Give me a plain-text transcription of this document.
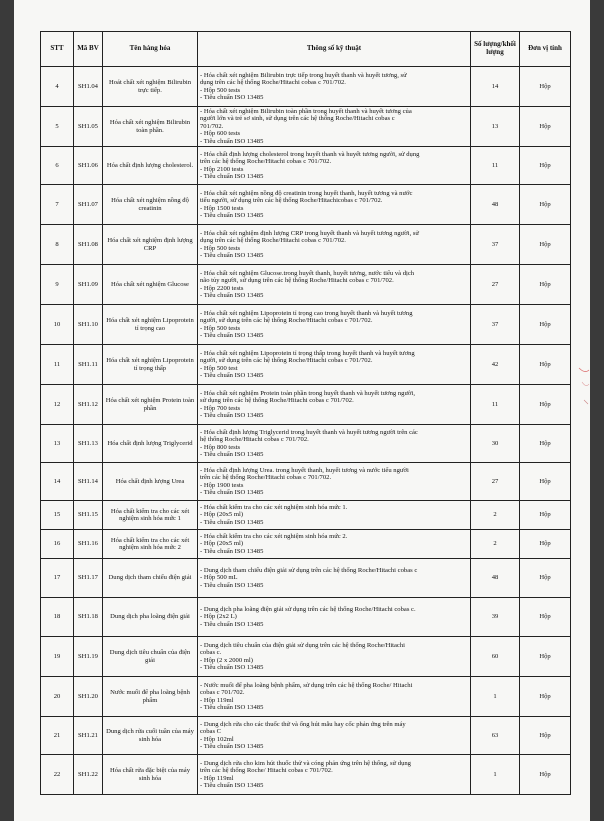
STT	Mã BV	Tên hàng hóa	Thông số kỹ thuật	Số lượng/khối lượng	Đơn vị tính
4	SH1.04	Hoát chất xét nghiệm Bilirubin trực tiếp.	- Hóa chất xét nghiệm Bilirubin trực tiếp trong huyết thanh và huyết tương, sử
dụng trên các hệ thống Roche/Hitachi cobas c 701/702.
- Hộp 500 tests
- Tiêu chuẩn ISO 13485	14	Hộp
5	SH1.05	Hóa chất xét nghiệm Bilirubin toàn phần.	- Hóa chất xét nghiệm Bilirubin toàn phần trong huyết thanh và huyết tương của
người lớn và trẻ sơ sinh, sử dụng trên các hệ thống Roche/Hitachi cobas c
701/702.
- Hộp 600 tests
- Tiêu chuẩn ISO 13485	13	Hộp
6	SH1.06	Hóa chất định lượng cholesterol.	- Hóa chất định lượng cholesterol trong huyết thanh và huyết tương người, sử dụng
trên các hệ thống Roche/Hitachi cobas c 701/702.
- Hộp 2100 tests
- Tiêu chuẩn ISO 13485	11	Hộp
7	SH1.07	Hóa chất xét nghiệm nồng độ creatinin	- Hóa chất xét nghiệm nồng độ creatinin trong huyết thanh, huyết tương và nước
tiểu người, sử dụng trên các hệ thống Roche/Hitachicobas c 701/702.
- Hộp 1500 tests
- Tiêu chuẩn ISO 13485	48	Hộp
8	SH1.08	Hóa chất xét nghiệm định lượng CRP	- Hóa chất xét nghiệm định lượng CRP trong huyết thanh và huyết tương người, sử
dụng trên các hệ thống Roche/Hitachi cobas c 701/702.
- Hộp 500 tests
- Tiêu chuẩn ISO 13485	37	Hộp
9	SH1.09	Hóa chất xét nghiệm Glucose	- Hóa chất xét nghiệm Glucose.trong huyết thanh, huyết tương, nước tiểu và dịch
não tủy người, sử dụng trên các hệ thống Roche/Hitachi cobas c 701/702.
- Hộp 2200 tests
- Tiêu chuẩn ISO 13485	27	Hộp
10	SH1.10	Hóa chất xét nghiệm Lipoprotein tỉ trọng cao	- Hóa chất xét nghiệm Lipoprotein tỉ trọng cao trong huyết thanh và huyết tương
người, sử dụng trên các hệ thống Roche/Hitachi cobas c 701/702.
- Hộp 500 tests
- Tiêu chuẩn ISO 13485	37	Hộp
11	SH1.11	Hóa chất xét nghiệm Lipoprotein tỉ trọng thấp	- Hóa chất xét nghiệm Lipoprotein tỉ trọng thấp trong huyết thanh và huyết tương
người, sử dụng trên các hệ thống Roche/Hitachi cobas c 701/702.
- Hộp 500 test
- Tiêu chuẩn ISO 13485	42	Hộp
12	SH1.12	Hóa chất xét nghiệm Protein toàn phần	- Hóa chất xét nghiệm Protein toàn phần trong huyết thanh và huyết tương người,
sử dụng trên các hệ thống Roche/Hitachi cobas c 701/702.
- Hộp 700 tests
- Tiêu chuẩn ISO 13485	11	Hộp
13	SH1.13	Hóa chất định lượng Triglycerid	- Hóa chất định lượng Triglycerid trong huyết thanh và huyết tương người trên các
hệ thống Roche/Hitachi cobas c 701/702.
- Hộp 800 tests
- Tiêu chuẩn ISO 13485	30	Hộp
14	SH1.14	Hóa chất định lượng Urea	- Hóa chất định lượng Urea. trong huyết thanh, huyết tương và nước tiểu người
trên các hệ thống Roche/Hitachi cobas c 701/702.
- Hộp 1900 tests
- Tiêu chuẩn ISO 13485	27	Hộp
15	SH1.15	Hóa chất kiểm tra cho các xét nghiệm sinh hóa mức 1	- Hóa chất kiểm tra cho các xét nghiệm sinh hóa mức 1.
- Hộp (20x5 ml)
- Tiêu chuẩn ISO 13485	2	Hộp
16	SH1.16	Hóa chất kiểm tra cho các xét nghiệm sinh hóa mức 2	- Hóa chất kiểm tra cho các xét nghiệm sinh hóa mức 2.
- Hộp (20x5 ml)
- Tiêu chuẩn ISO 13485	2	Hộp
17	SH1.17	Dung dịch tham chiếu điện giải	- Dung dịch tham chiếu điện giải sử dụng trên các hệ thống Roche/Hitachi cobas c
- Hộp 500 mL
- Tiêu chuẩn ISO 13485	48	Hộp
18	SH1.18	Dung dịch pha loãng điện giải	- Dung dịch pha loãng điện giải sử dụng trên các hệ thống Roche/Hitachi cobas c.
- Hộp (2x2 L)
- Tiêu chuẩn ISO 13485	39	Hộp
19	SH1.19	Dung dịch tiêu chuẩn của điện giải	- Dung dịch tiêu chuẩn của điện giải sử dụng trên các hệ thống Roche/Hitachi
cobas c.
- Hộp (2 x 2000 ml)
- Tiêu chuẩn ISO 13485	60	Hộp
20	SH1.20	Nước muối để pha loãng bệnh phẩm	- Nước muối để pha loãng bệnh phẩm, sử dụng trên các hệ thống Roche/ Hitachi
cobas c 701/702.
- Hộp 119ml
- Tiêu chuẩn ISO 13485	1	Hộp
21	SH1.21	Dung dịch rửa cuối tuần của máy sinh hóa	- Dung dịch rửa cho các thuốc thử và ống hút mẫu hay cốc phản ứng trên máy
cobas C
- Hộp 102ml
- Tiêu chuẩn ISO 13485	63	Hộp
22	SH1.22	Hóa chất rửa đặc biệt của máy sinh hóa	- Dung dịch rửa cho kim hút thuốc thử và cóng phản ứng trên hệ thống, sử dụng
trên các hệ thống Roche/ Hitachi cobas c 701/702.
- Hộp 119ml
- Tiêu chuẩn ISO 13485	1	Hộp
